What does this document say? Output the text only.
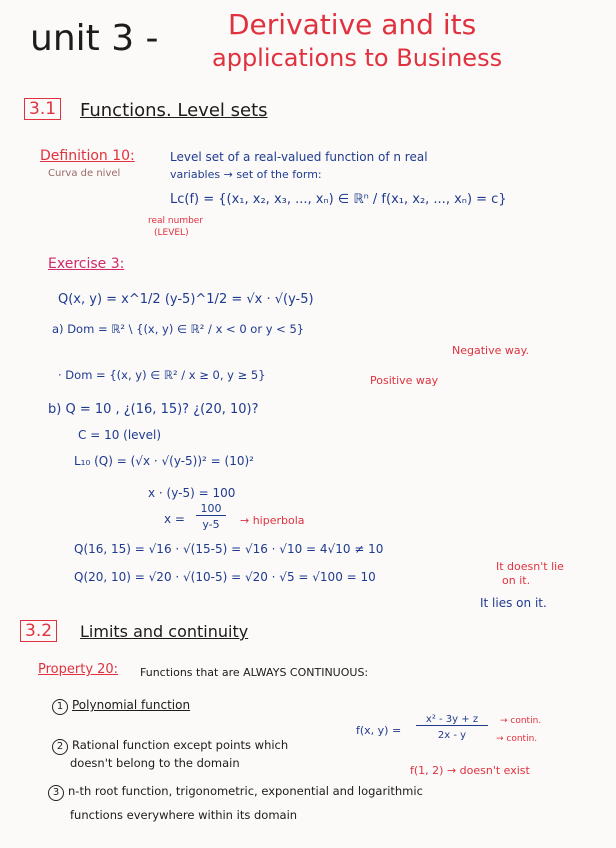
unit 3 - Derivative and its
applications to Business
3.1 Functions. Level sets
Definition 10:	Level set of a real-valued function of n real
variables → set of the form:
Curva de nivel
Lc(f) = {(x₁, x₂, x₃, ..., xₙ) ∈ ℝⁿ / f(x₁, x₂, ..., xₙ) = c}
real number
(LEVEL)
Exercise 3:
Q(x, y) = x^1/2 (y-5)^1/2 = √x · √(y-5)
a) Dom = ℝ² \ {(x, y) ∈ ℝ² / x < 0 or y < 5}
Negative way.
· Dom = {(x, y) ∈ ℝ² / x ≥ 0, y ≥ 5}	Positive way
b) Q = 10 , ¿(16, 15)? ¿(20, 10)?
C = 10 (level)
L₁₀ (Q) = (√x · √(y-5))² = (10)²
x · (y-5) = 100
x =
100
y-5	→ hiperbola
Q(16, 15) = √16 · √(15-5) = √16 · √10 = 4√10 ≠ 10
It doesn't lie
on it.
Q(20, 10) = √20 · √(10-5) = √20 · √5 = √100 = 10
It lies on it.
3.2	Limits and continuity
Property 20: Functions that are ALWAYS CONTINUOUS:
1 Polynomial function
2 Rational function except points which
doesn't belong to the domain
3 n-th root function, trigonometric, exponential and logarithmic
functions everywhere within its domain
f(x, y) =
x² - 3y + z
2x - y
→ contin.
→ contin.
f(1, 2) → doesn't exist
